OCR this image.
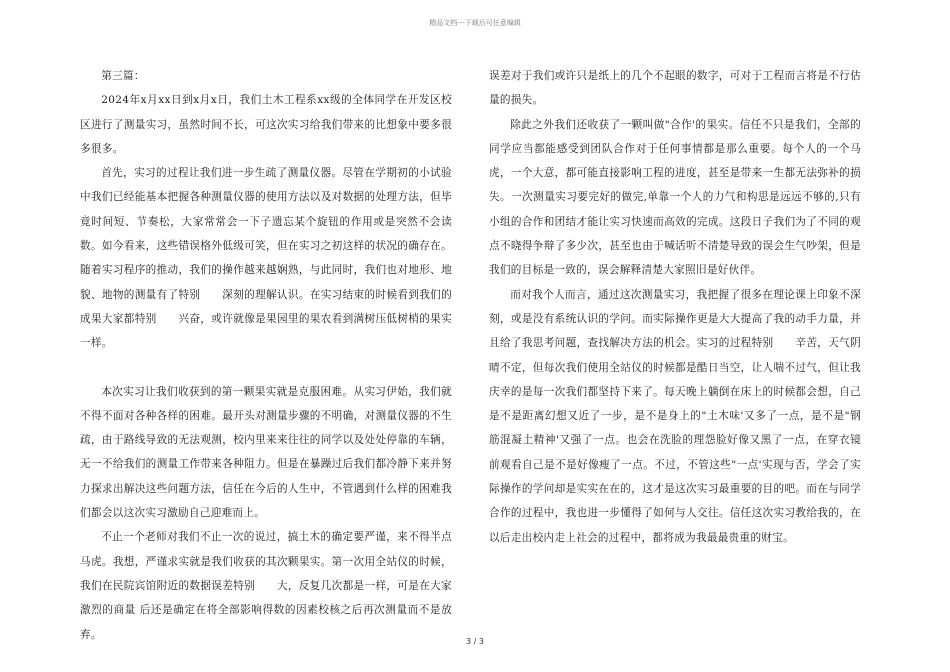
精品文档---下载后可任意编辑

第三篇：

2024年x月xx日到x月x日，我们土木工程系xx级的全体同学在开发区校区进行了测量实习，虽然时间不长，可这次实习给我们带来的比想象中要多很多很多。

首先，实习的过程让我们进一步生疏了测量仪器。尽管在学期初的小试验中我们已经能基本把握各种测量仪器的使用方法以及对数据的处理方法，但毕竟时间短、节奏松，大家常常会一下子遗忘某个旋钮的作用或是突然不会读数。如今看来，这些错误格外低级可笑，但在实习之初这样的状况的确存在。随着实习程序的推动，我们的操作越来越娴熟，与此同时，我们也对地形、地貌、地物的测量有了特别　　深刻的理解认识。在实习结束的时候看到我们的成果大家都特别　　兴奋，或许就像是果园里的果农看到满树压低树梢的果实一样。

本次实习让我们收获到的第一颗果实就是克服困难。从实习伊始，我们就不得不面对各种各样的困难。最开头对测量步骤的不明确，对测量仪器的不生疏，由于路线导致的无法观测，校内里来来往往的同学以及处处停靠的车辆，无一不给我们的测量工作带来各种阻力。但是在暴躁过后我们都冷静下来并努力探求出解决这些问题方法，信任在今后的人生中，不管遇到什么样的困难我们都会以这次实习激励自己迎难而上。

不止一个老师对我们不止一次的说过，搞土木的确定要严谨，来不得半点马虎。我想，严谨求实就是我们收获的其次颗果实。第一次用全站仪的时候，我们在民院宾馆附近的数据误差特别　　大，反复几次都是一样，可是在大家激烈的商量 后还是确定在将全部影响得数的因素校核之后再次测量而不是放弃。

误差对于我们或许只是纸上的几个不起眼的数字，可对于工程而言将是不行估量的损失。

除此之外我们还收获了一颗叫做"合作'的果实。信任不只是我们，全部的同学应当都能感受到团队合作对于任何事情都是那么重要。每个人的一个马虎，一个大意，都可能直接影响工程的进度，甚至是带来一生都无法弥补的损失。一次测量实习要完好的做完,单靠一个人的力气和构思是远远不够的,只有小组的合作和团结才能让实习快速而高效的完成。这段日子我们为了不同的观点不晓得争辩了多少次，甚至也由于喊话听不清楚导致的误会生气吵架，但是我们的目标是一致的，误会解释清楚大家照旧是好伙伴。

而对我个人而言，通过这次测量实习，我把握了很多在理论课上印象不深刻，或是没有系统认识的学问。而实际操作更是大大提高了我的动手力量，并且给了我思考问题，查找解决方法的机会。实习的过程特别　　辛苦，天气阴晴不定，但每次我们使用全站仪的时候都是酷日当空，让人喘不过气，但让我庆幸的是每一次我们都坚持下来了。每天晚上躺倒在床上的时候都会想，自己是不是距离幻想又近了一步，是不是身上的"土木味'又多了一点，是不是"钢筋混凝土精神'又强了一点。也会在洗脸的理怨脸好像又黑了一点，在穿衣镜前观看自己是不是好像瘦了一点。不过，不管这些"一点'实现与否，学会了实际操作的学问却是实实在在的，这才是这次实习最重要的目的吧。而在与同学合作的过程中，我也进一步懂得了如何与人交往。信任这次实习教给我的，在以后走出校内走上社会的过程中，都将成为我最最贵重的财宝。

3 / 3
